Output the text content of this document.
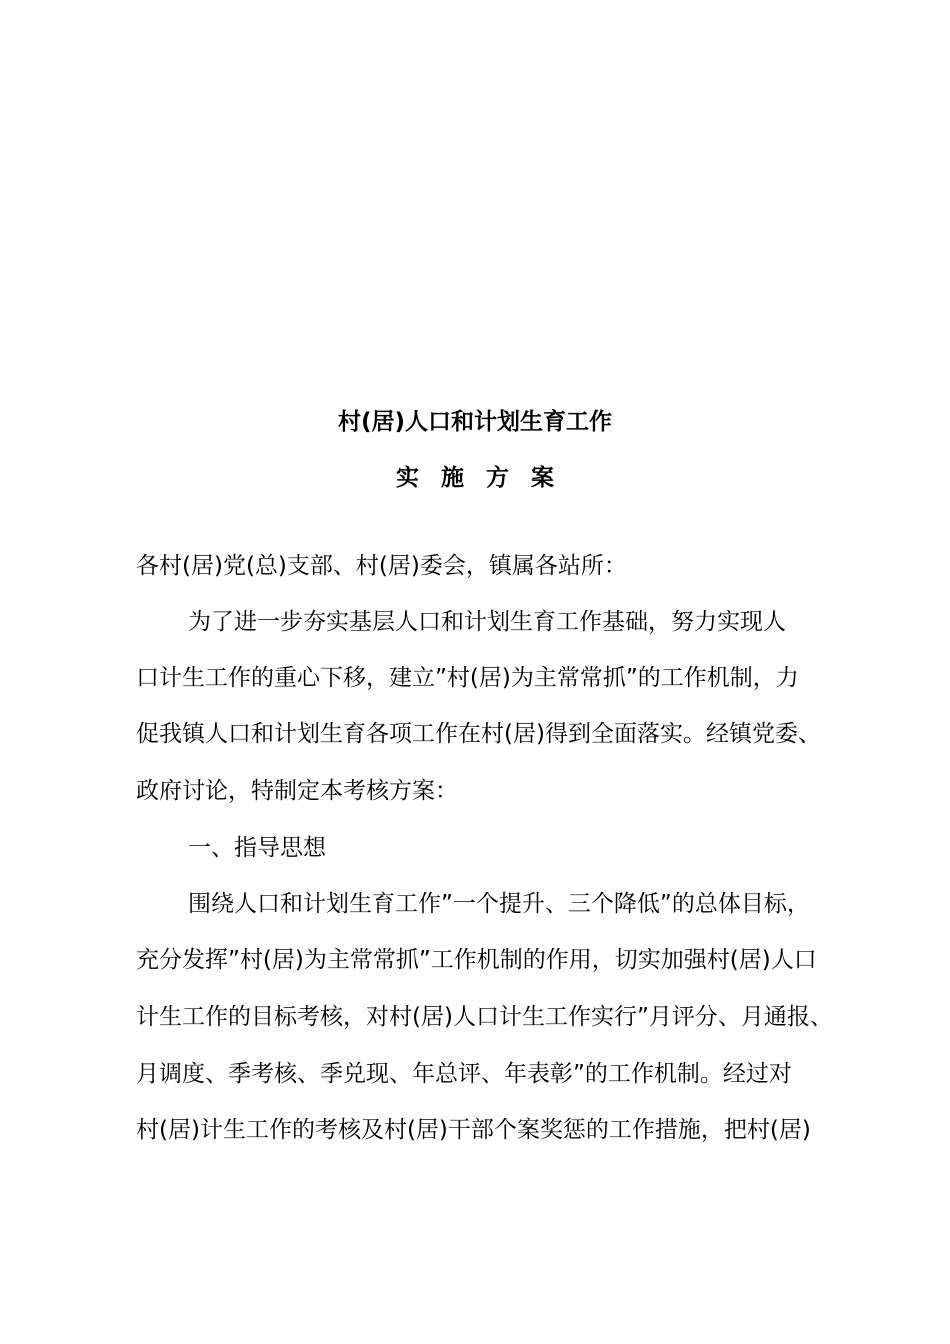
村(居)人口和计划生育工作
实施方案
各村(居)党(总)支部、村(居)委会，镇属各站所：
为了进一步夯实基层人口和计划生育工作基础，努力实现人
口计生工作的重心下移，建立”村(居)为主常常抓”的工作机制，力
促我镇人口和计划生育各项工作在村(居)得到全面落实。经镇党委、
政府讨论，特制定本考核方案：
一、指导思想
围绕人口和计划生育工作”一个提升、三个降低”的总体目标，
充分发挥”村(居)为主常常抓”工作机制的作用，切实加强村(居)人口
计生工作的目标考核，对村(居)人口计生工作实行”月评分、月通报、
月调度、季考核、季兑现、年总评、年表彰”的工作机制。经过对
村(居)计生工作的考核及村(居)干部个案奖惩的工作措施，把村(居)
